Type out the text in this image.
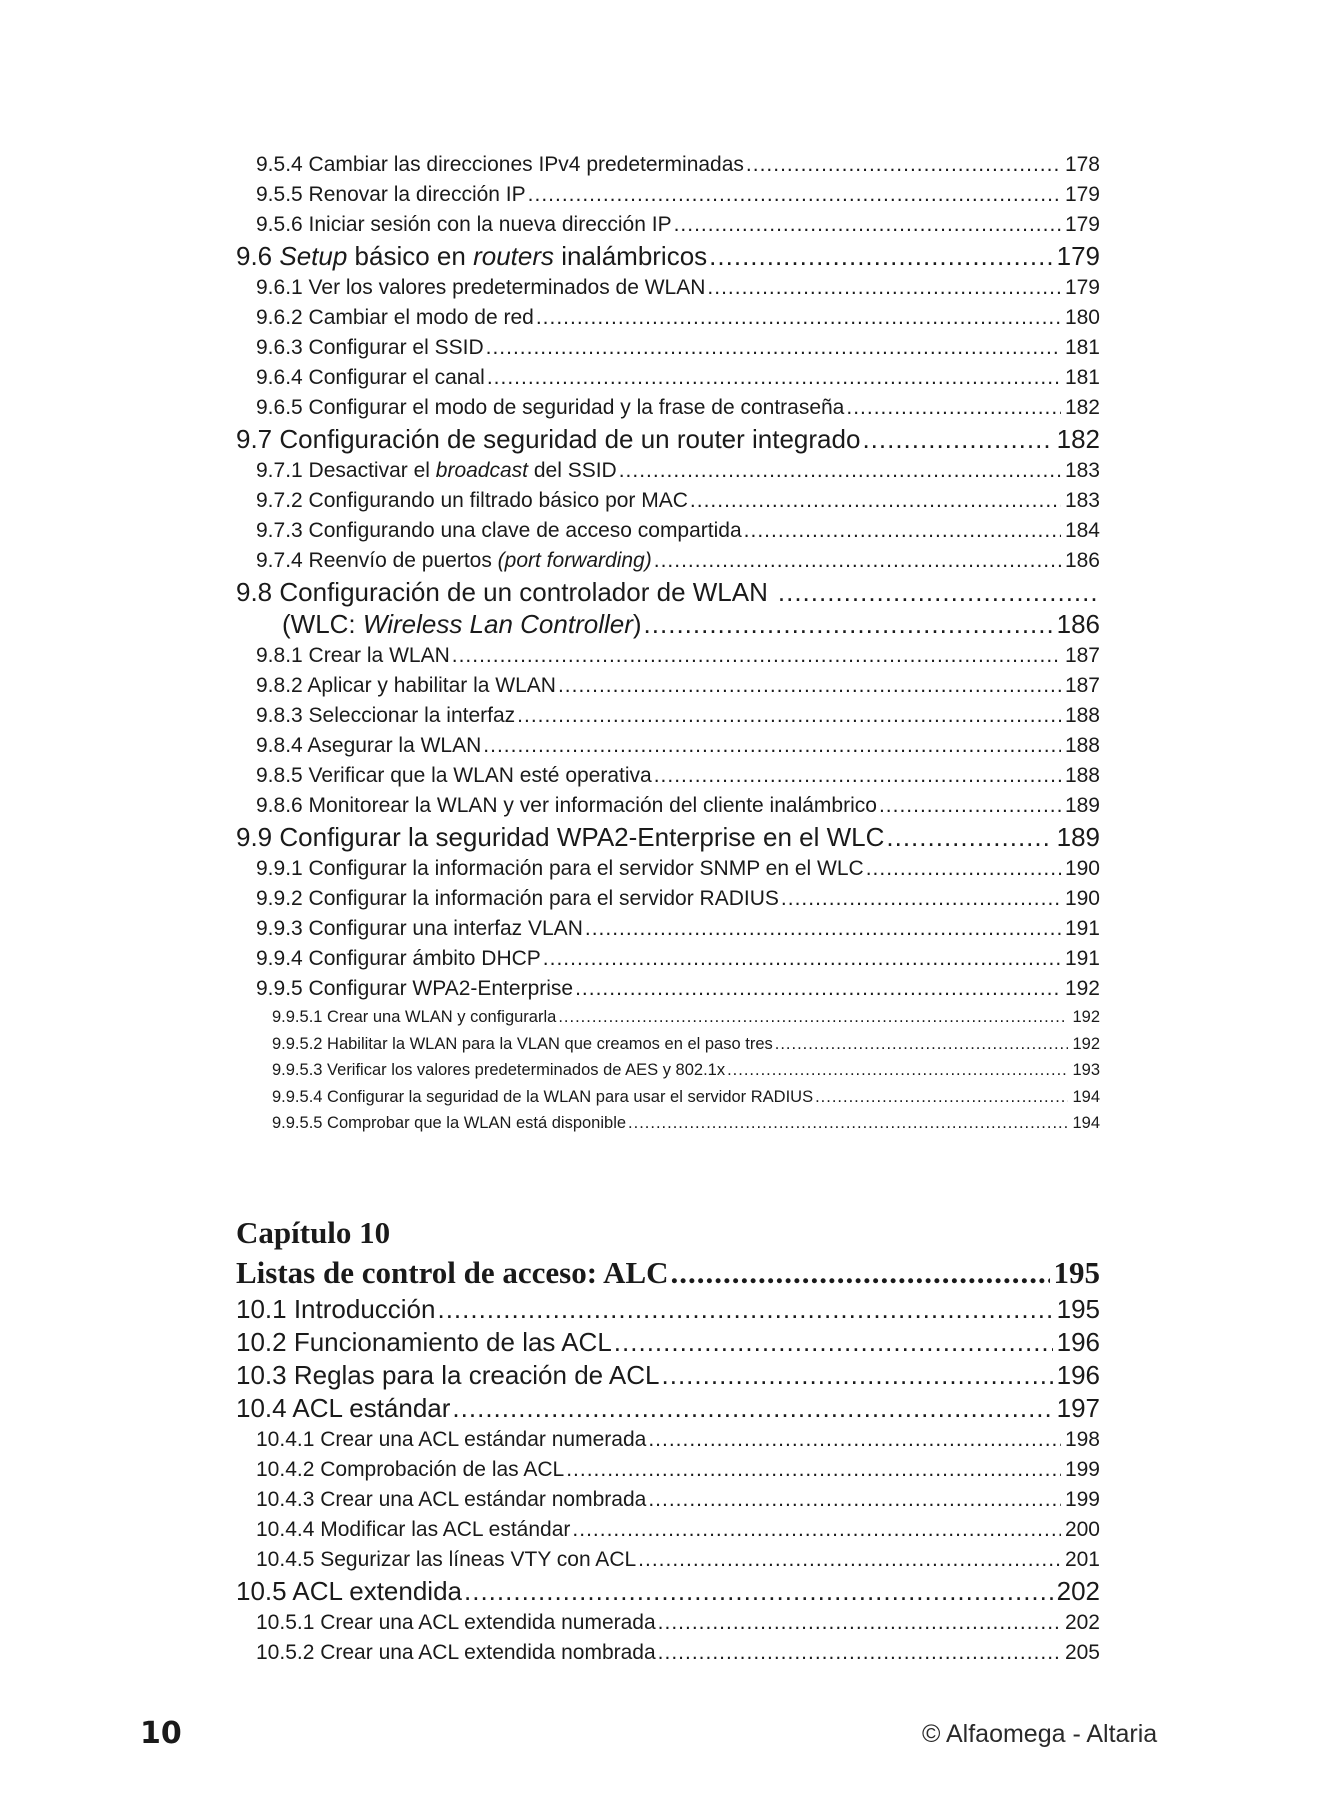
9.5.4 Cambiar las direcciones IPv4 predeterminadas .....	178
9.5.5 Renovar la dirección IP .....	179
9.5.6 Iniciar sesión con la nueva dirección IP .....	179
9.6 Setup básico en routers inalámbricos .....	179
9.6.1 Ver los valores predeterminados de WLAN .....	179
9.6.2 Cambiar el modo de red .....	180
9.6.3 Configurar el SSID .....	181
9.6.4 Configurar el canal .....	181
9.6.5 Configurar el modo de seguridad y la frase de contraseña .....	182
9.7 Configuración de seguridad de un router integrado .....	182
9.7.1 Desactivar el broadcast del SSID .....	183
9.7.2 Configurando un filtrado básico por MAC .....	183
9.7.3 Configurando una clave de acceso compartida .....	184
9.7.4 Reenvío de puertos (port forwarding) .....	186
9.8 Configuración de un controlador de WLAN
.....
(WLC: Wireless Lan Controller) .....	186
9.8.1 Crear la WLAN .....	187
9.8.2 Aplicar y habilitar la WLAN .....	187
9.8.3 Seleccionar la interfaz .....	188
9.8.4 Asegurar la WLAN .....	188
9.8.5 Verificar que la WLAN esté operativa .....	188
9.8.6 Monitorear la WLAN y ver información del cliente inalámbrico .....	189
9.9 Configurar la seguridad WPA2-Enterprise en el WLC .....	189
9.9.1 Configurar la información para el servidor SNMP en el WLC .....	190
9.9.2 Configurar la información para el servidor RADIUS .....	190
9.9.3 Configurar una interfaz VLAN .....	191
9.9.4 Configurar ámbito DHCP .....	191
9.9.5 Configurar WPA2-Enterprise .....	192
9.9.5.1 Crear una WLAN y configurarla .....	192
9.9.5.2 Habilitar la WLAN para la VLAN que creamos en el paso tres .....	192
9.9.5.3 Verificar los valores predeterminados de AES y 802.1x .....	193
9.9.5.4 Configurar la seguridad de la WLAN para usar el servidor RADIUS .....	194
9.9.5.5 Comprobar que la WLAN está disponible .....	194
Capítulo 10
Listas de control de acceso: ALC .....	195
10.1 Introducción .....	195
10.2 Funcionamiento de las ACL .....	196
10.3 Reglas para la creación de ACL .....	196
10.4 ACL estándar .....	197
10.4.1 Crear una ACL estándar numerada .....	198
10.4.2 Comprobación de las ACL .....	199
10.4.3 Crear una ACL estándar nombrada .....	199
10.4.4 Modificar las ACL estándar .....	200
10.4.5 Segurizar las líneas VTY con ACL .....	201
10.5 ACL extendida .....	202
10.5.1 Crear una ACL extendida numerada .....	202
10.5.2 Crear una ACL extendida nombrada .....	205
10	© Alfaomega - Altaria
